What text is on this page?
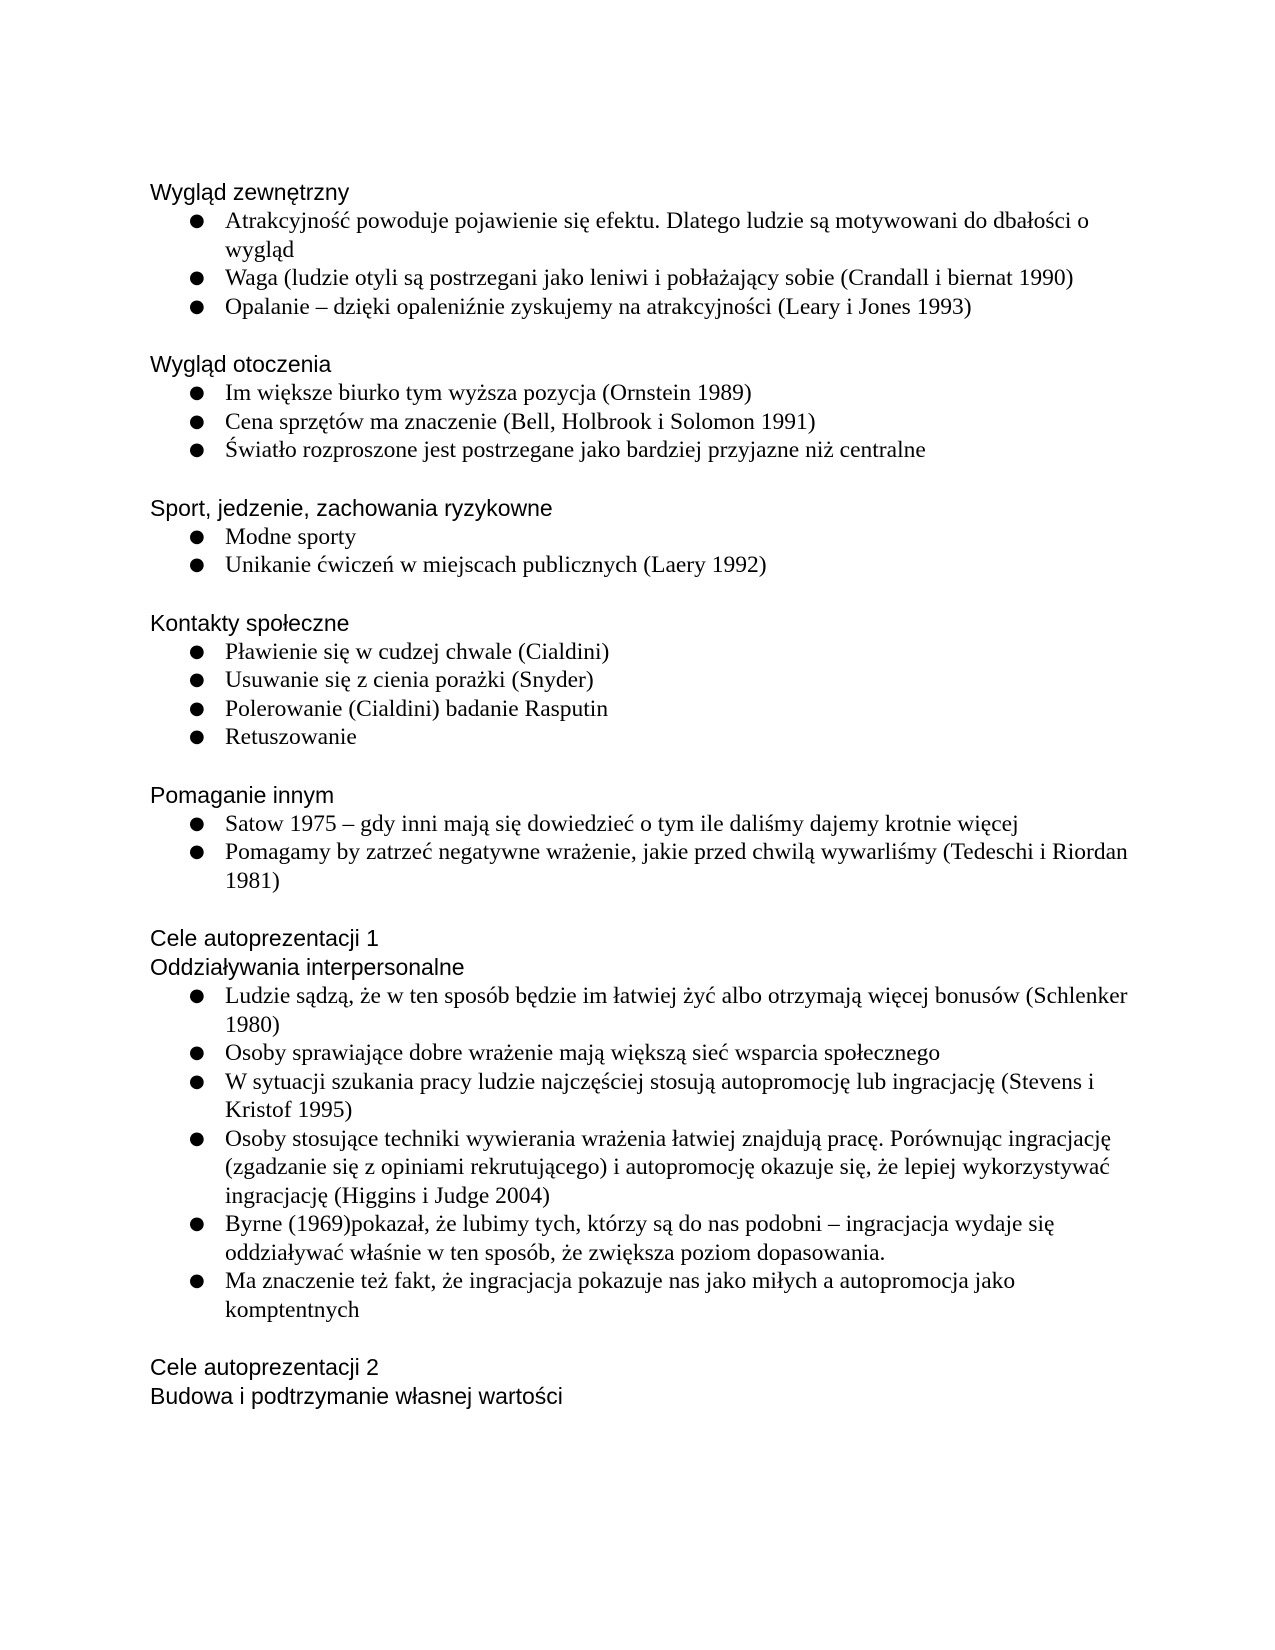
Wygląd zewnętrzny

● Atrakcyjność powoduje pojawienie się efektu. Dlatego ludzie są motywowani do dbałości o wygląd
● Waga (ludzie otyli są postrzegani jako leniwi i pobłażający sobie (Crandall i biernat 1990)
● Opalanie – dzięki opaleniźnie zyskujemy na atrakcyjności (Leary i Jones 1993)

Wygląd otoczenia

● Im większe biurko tym wyższa pozycja (Ornstein 1989)
● Cena sprzętów ma znaczenie (Bell, Holbrook i Solomon 1991)
● Światło rozproszone jest postrzegane jako bardziej przyjazne niż centralne

Sport, jedzenie, zachowania ryzykowne

● Modne sporty
● Unikanie ćwiczeń w miejscach publicznych (Laery 1992)

Kontakty społeczne

● Pławienie się w cudzej chwale (Cialdini)
● Usuwanie się z cienia porażki (Snyder)
● Polerowanie (Cialdini) badanie Rasputin
● Retuszowanie

Pomaganie innym

● Satow 1975 – gdy inni mają się dowiedzieć o tym ile daliśmy dajemy krotnie więcej
● Pomagamy by zatrzeć negatywne wrażenie, jakie przed chwilą wywarliśmy (Tedeschi i Riordan 1981)

Cele autoprezentacji 1

Oddziaływania interpersonalne

● Ludzie sądzą, że w ten sposób będzie im łatwiej żyć albo otrzymają więcej bonusów (Schlenker 1980)
● Osoby sprawiające dobre wrażenie mają większą sieć wsparcia społecznego
● W sytuacji szukania pracy ludzie najczęściej stosują autopromocję lub ingracjację (Stevens i Kristof 1995)
● Osoby stosujące techniki wywierania wrażenia łatwiej znajdują pracę. Porównując ingracjację (zgadzanie się z opiniami rekrutującego) i autopromocję okazuje się, że lepiej wykorzystywać ingracjację (Higgins i Judge 2004)
● Byrne (1969)pokazał, że lubimy tych, którzy są do nas podobni – ingracjacja wydaje się oddziaływać właśnie w ten sposób, że zwiększa poziom dopasowania.
● Ma znaczenie też fakt, że ingracjacja pokazuje nas jako miłych a autopromocja jako komptentnych

Cele autoprezentacji 2

Budowa i podtrzymanie własnej wartości
